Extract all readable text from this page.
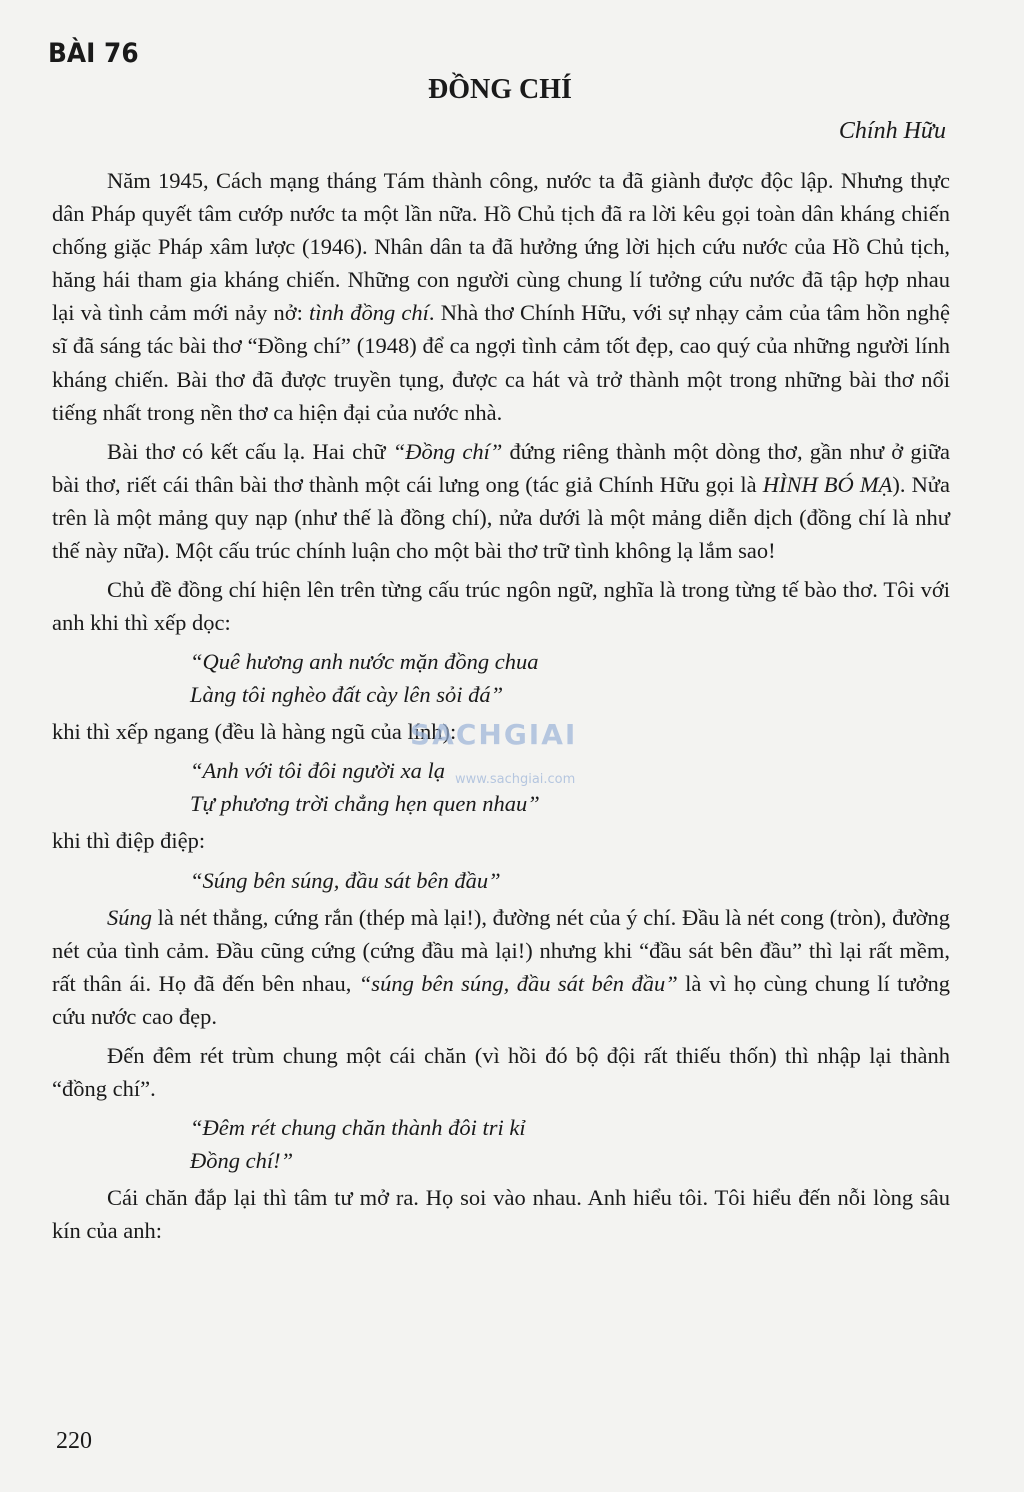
BÀI 76
ĐỒNG CHÍ
Chính Hữu

Năm 1945, Cách mạng tháng Tám thành công, nước ta đã giành được độc lập. Nhưng thực dân Pháp quyết tâm cướp nước ta một lần nữa. Hồ Chủ tịch đã ra lời kêu gọi toàn dân kháng chiến chống giặc Pháp xâm lược (1946). Nhân dân ta đã hưởng ứng lời hịch cứu nước của Hồ Chủ tịch, hăng hái tham gia kháng chiến. Những con người cùng chung lí tưởng cứu nước đã tập hợp nhau lại và tình cảm mới nảy nở: tình đồng chí. Nhà thơ Chính Hữu, với sự nhạy cảm của tâm hồn nghệ sĩ đã sáng tác bài thơ “Đồng chí” (1948) để ca ngợi tình cảm tốt đẹp, cao quý của những người lính kháng chiến. Bài thơ đã được truyền tụng, được ca hát và trở thành một trong những bài thơ nổi tiếng nhất trong nền thơ ca hiện đại của nước nhà.

Bài thơ có kết cấu lạ. Hai chữ “Đồng chí” đứng riêng thành một dòng thơ, gần như ở giữa bài thơ, riết cái thân bài thơ thành một cái lưng ong (tác giả Chính Hữu gọi là HÌNH BÓ MẠ). Nửa trên là một mảng quy nạp (như thế là đồng chí), nửa dưới là một mảng diễn dịch (đồng chí là như thế này nữa). Một cấu trúc chính luận cho một bài thơ trữ tình không lạ lắm sao!

Chủ đề đồng chí hiện lên trên từng cấu trúc ngôn ngữ, nghĩa là trong từng tế bào thơ. Tôi với anh khi thì xếp dọc:

“Quê hương anh nước mặn đồng chua
Làng tôi nghèo đất cày lên sỏi đá”

khi thì xếp ngang (đều là hàng ngũ của lính):

“Anh với tôi đôi người xa lạ
Tự phương trời chẳng hẹn quen nhau”

khi thì điệp điệp:

“Súng bên súng, đầu sát bên đầu”

Súng là nét thẳng, cứng rắn (thép mà lại!), đường nét của ý chí. Đầu là nét cong (tròn), đường nét của tình cảm. Đầu cũng cứng (cứng đầu mà lại!) nhưng khi “đầu sát bên đầu” thì lại rất mềm, rất thân ái. Họ đã đến bên nhau, “súng bên súng, đầu sát bên đầu” là vì họ cùng chung lí tưởng cứu nước cao đẹp.

Đến đêm rét trùm chung một cái chăn (vì hồi đó bộ đội rất thiếu thốn) thì nhập lại thành “đồng chí”.

“Đêm rét chung chăn thành đôi tri kỉ
Đồng chí!”

Cái chăn đắp lại thì tâm tư mở ra. Họ soi vào nhau. Anh hiểu tôi. Tôi hiểu đến nỗi lòng sâu kín của anh:

SACHGIAI
www.sachgiai.com
220
